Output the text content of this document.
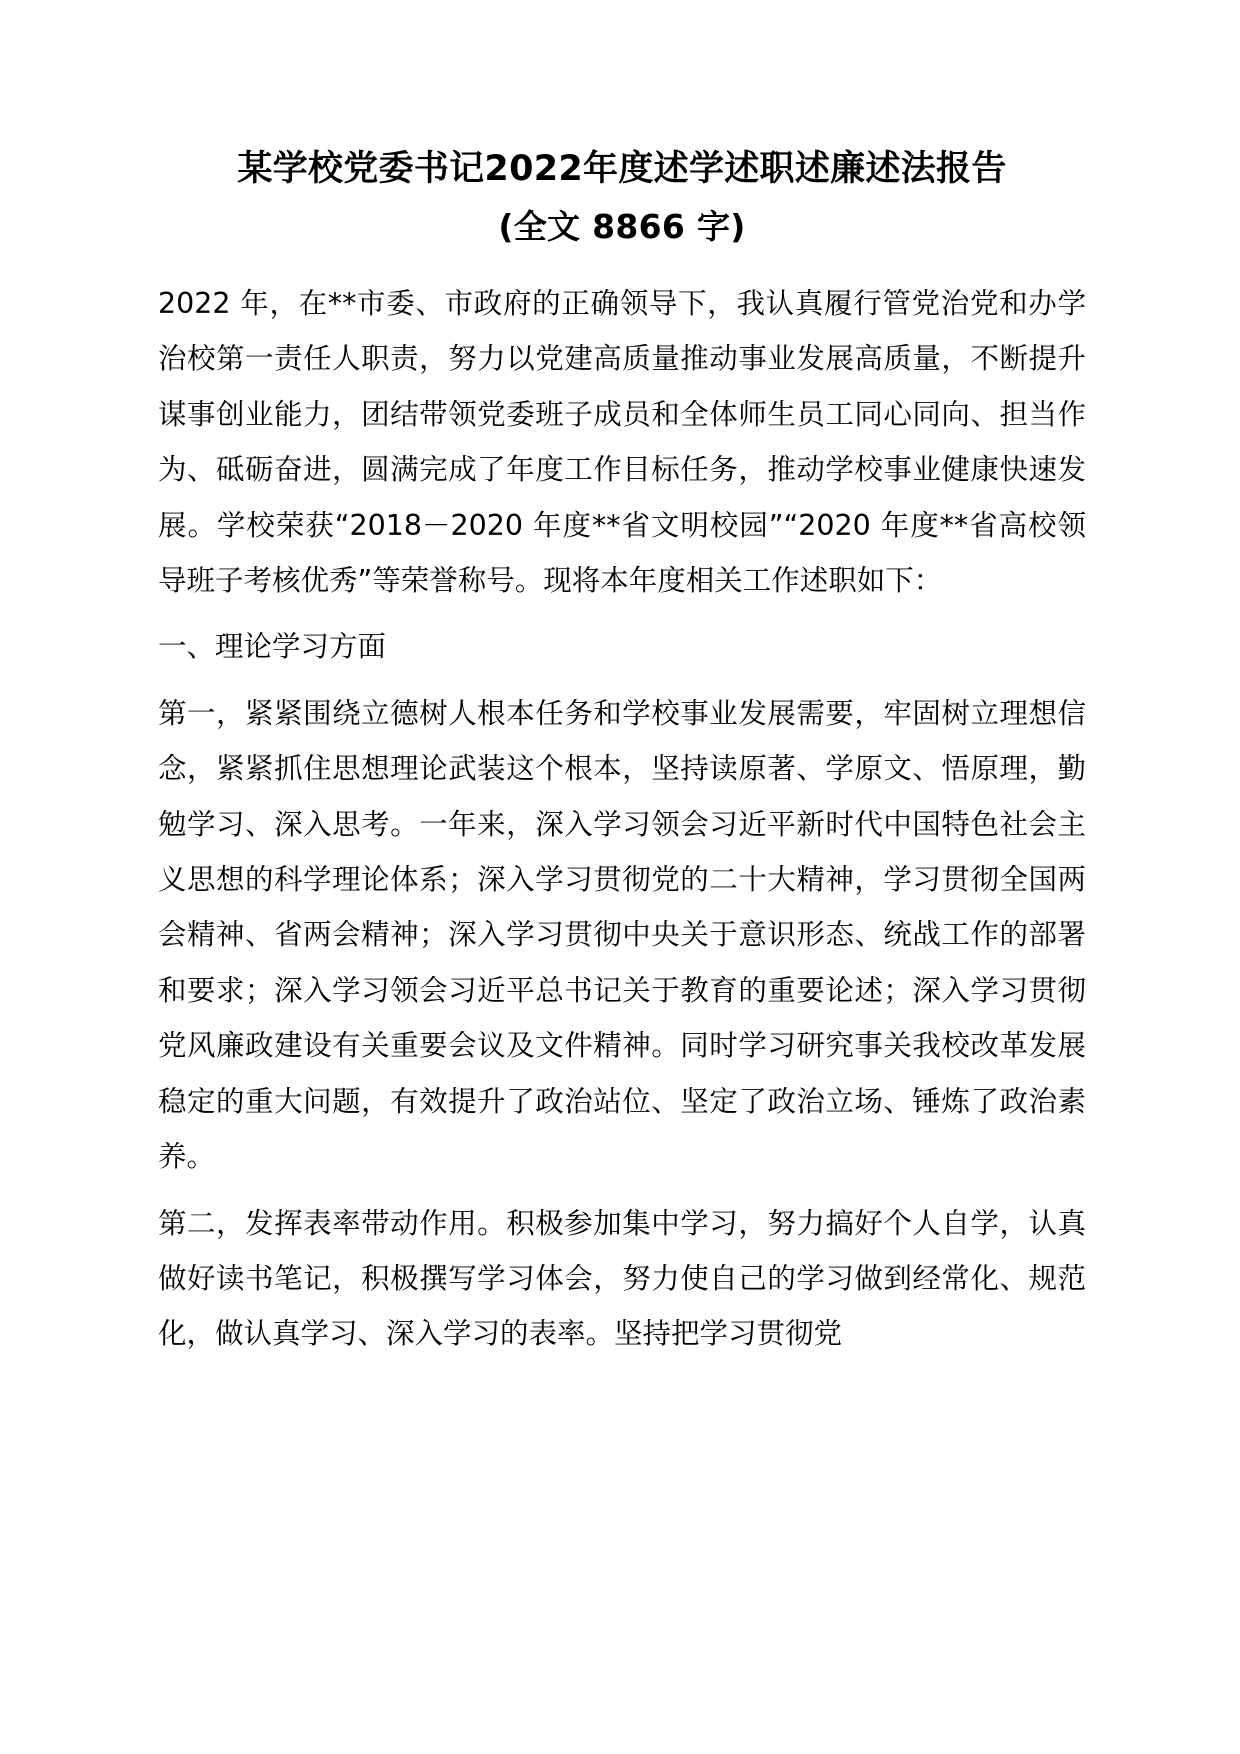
某学校党委书记2022年度述学述职述廉述法报告
(全文 8866 字)

2022 年，在**市委、市政府的正确领导下，我认真履行管党治党和办学治校第一责任人职责，努力以党建高质量推动事业发展高质量，不断提升谋事创业能力，团结带领党委班子成员和全体师生员工同心同向、担当作为、砥砺奋进，圆满完成了年度工作目标任务，推动学校事业健康快速发展。学校荣获“2018－2020 年度**省文明校园”“2020 年度**省高校领导班子考核优秀”等荣誉称号。现将本年度相关工作述职如下：

一、理论学习方面

第一，紧紧围绕立德树人根本任务和学校事业发展需要，牢固树立理想信念，紧紧抓住思想理论武装这个根本，坚持读原著、学原文、悟原理，勤勉学习、深入思考。一年来，深入学习领会习近平新时代中国特色社会主义思想的科学理论体系；深入学习贯彻党的二十大精神，学习贯彻全国两会精神、省两会精神；深入学习贯彻中央关于意识形态、统战工作的部署和要求；深入学习领会习近平总书记关于教育的重要论述；深入学习贯彻党风廉政建设有关重要会议及文件精神。同时学习研究事关我校改革发展稳定的重大问题，有效提升了政治站位、坚定了政治立场、锤炼了政治素养。

第二，发挥表率带动作用。积极参加集中学习，努力搞好个人自学，认真做好读书笔记，积极撰写学习体会，努力使自己的学习做到经常化、规范化，做认真学习、深入学习的表率。坚持把学习贯彻党
